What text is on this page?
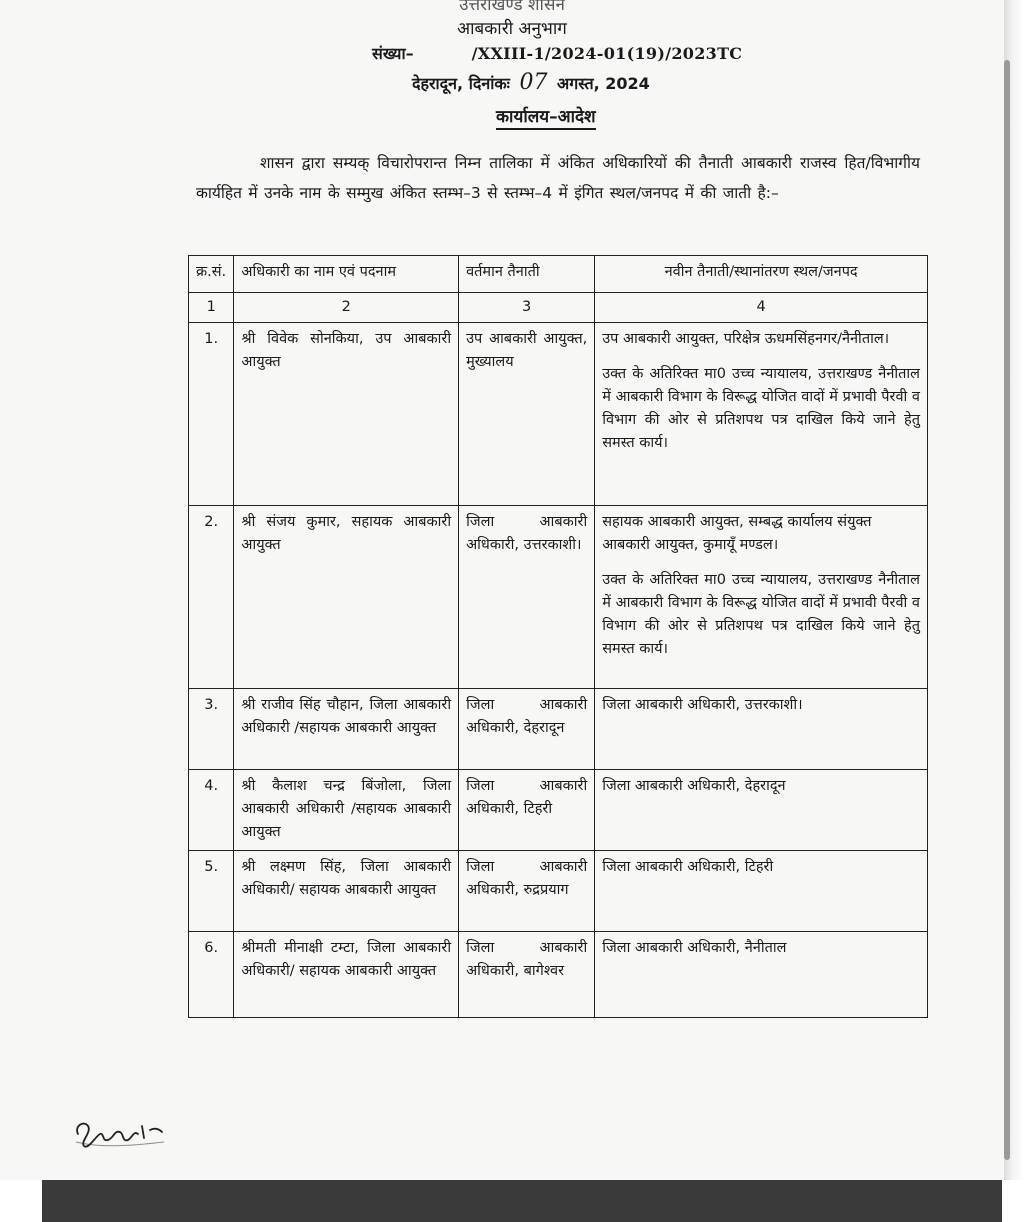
उत्तराखण्ड शासन
आबकारी अनुभाग
संख्या–	/XXIII-1/2024-01(19)/2023TC
देहरादून, दिनांकः 07 अगस्त, 2024
कार्यालय–आदेश
शासन द्वारा सम्यक् विचारोपरान्त निम्न तालिका में अंकित अधिकारियों की तैनाती आबकारी राजस्व हित/विभागीय कार्यहित में उनके नाम के सम्मुख अंकित स्तम्भ–3 से स्तम्भ–4 में इंगित स्थल/जनपद में की जाती है:–
क्र.सं.	अधिकारी का नाम एवं पदनाम	वर्तमान तैनाती	नवीन तैनाती/स्थानांतरण स्थल/जनपद
1	2	3	4
1.	श्री विवेक सोनकिया, उप आबकारी आयुक्त	उप आबकारी आयुक्त, मुख्यालय	उप आबकारी आयुक्त, परिक्षेत्र ऊधमसिंहनगर/नैनीताल।
उक्त के अतिरिक्त मा0 उच्च न्यायालय, उत्तराखण्ड नैनीताल में आबकारी विभाग के विरूद्ध योजित वादों में प्रभावी पैरवी व विभाग की ओर से प्रतिशपथ पत्र दाखिल किये जाने हेतु समस्त कार्य।

2.	श्री संजय कुमार, सहायक आबकारी आयुक्त	जिला आबकारी अधिकारी, उत्तरकाशी।	सहायक आबकारी आयुक्त, सम्बद्ध कार्यालय संयुक्त आबकारी आयुक्त, कुमायूँ मण्डल।
उक्त के अतिरिक्त मा0 उच्च न्यायालय, उत्तराखण्ड नैनीताल में आबकारी विभाग के विरूद्ध योजित वादों में प्रभावी पैरवी व विभाग की ओर से प्रतिशपथ पत्र दाखिल किये जाने हेतु समस्त कार्य।

3.	श्री राजीव सिंह चौहान, जिला आबकारी अधिकारी /सहायक आबकारी आयुक्त	जिला आबकारी अधिकारी, देहरादून	जिला आबकारी अधिकारी, उत्तरकाशी।
4.	श्री कैलाश चन्द्र बिंजोला, जिला आबकारी अधिकारी /सहायक आबकारी आयुक्त	जिला आबकारी अधिकारी, टिहरी	जिला आबकारी अधिकारी, देहरादून
5.	श्री लक्ष्मण सिंह, जिला आबकारी अधिकारी/ सहायक आबकारी आयुक्त	जिला आबकारी अधिकारी, रुद्रप्रयाग	जिला आबकारी अधिकारी, टिहरी
6.	श्रीमती मीनाक्षी टम्टा, जिला आबकारी अधिकारी/ सहायक आबकारी आयुक्त	जिला आबकारी अधिकारी, बागेश्वर	जिला आबकारी अधिकारी, नैनीताल
